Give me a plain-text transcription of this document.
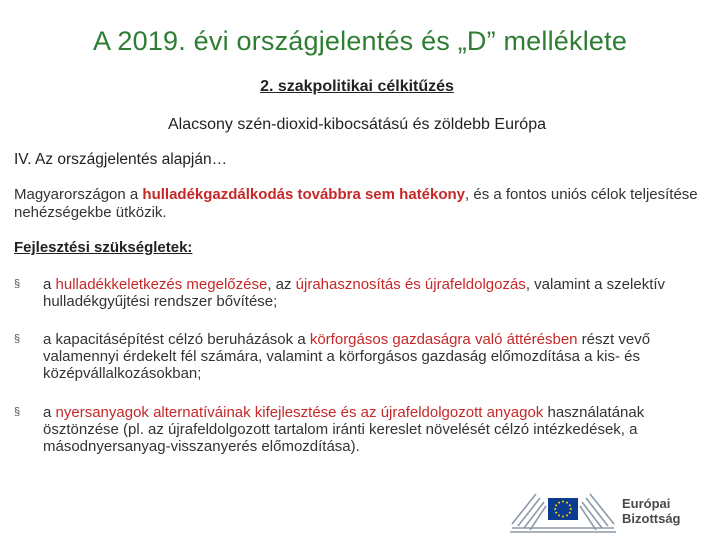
A 2019. évi országjelentés és „D” melléklete
2. szakpolitikai célkitűzés
Alacsony szén-dioxid-kibocsátású és zöldebb Európa
IV. Az országjelentés alapján…
Magyarországon a hulladékgazdálkodás továbbra sem hatékony, és a fontos uniós célok teljesítése nehézségekbe ütközik.
Fejlesztési szükségletek:
§ a hulladékkeletkezés megelőzése, az újrahasznosítás és újrafeldolgozás, valamint a szelektív hulladékgyűjtési rendszer bővítése;
§ a kapacitásépítést célzó beruházások a körforgásos gazdaságra való áttérésben részt vevő valamennyi érdekelt fél számára, valamint a körforgásos gazdaság előmozdítása a kis- és középvállalkozásokban;
§ a nyersanyagok alternatíváinak kifejlesztése és az újrafeldolgozott anyagok használatának ösztönzése (pl. az újrafeldolgozott tartalom iránti kereslet növelését célzó intézkedések, a másodnyersanyag-visszanyerés előmozdítása).
Európai
Bizottság
